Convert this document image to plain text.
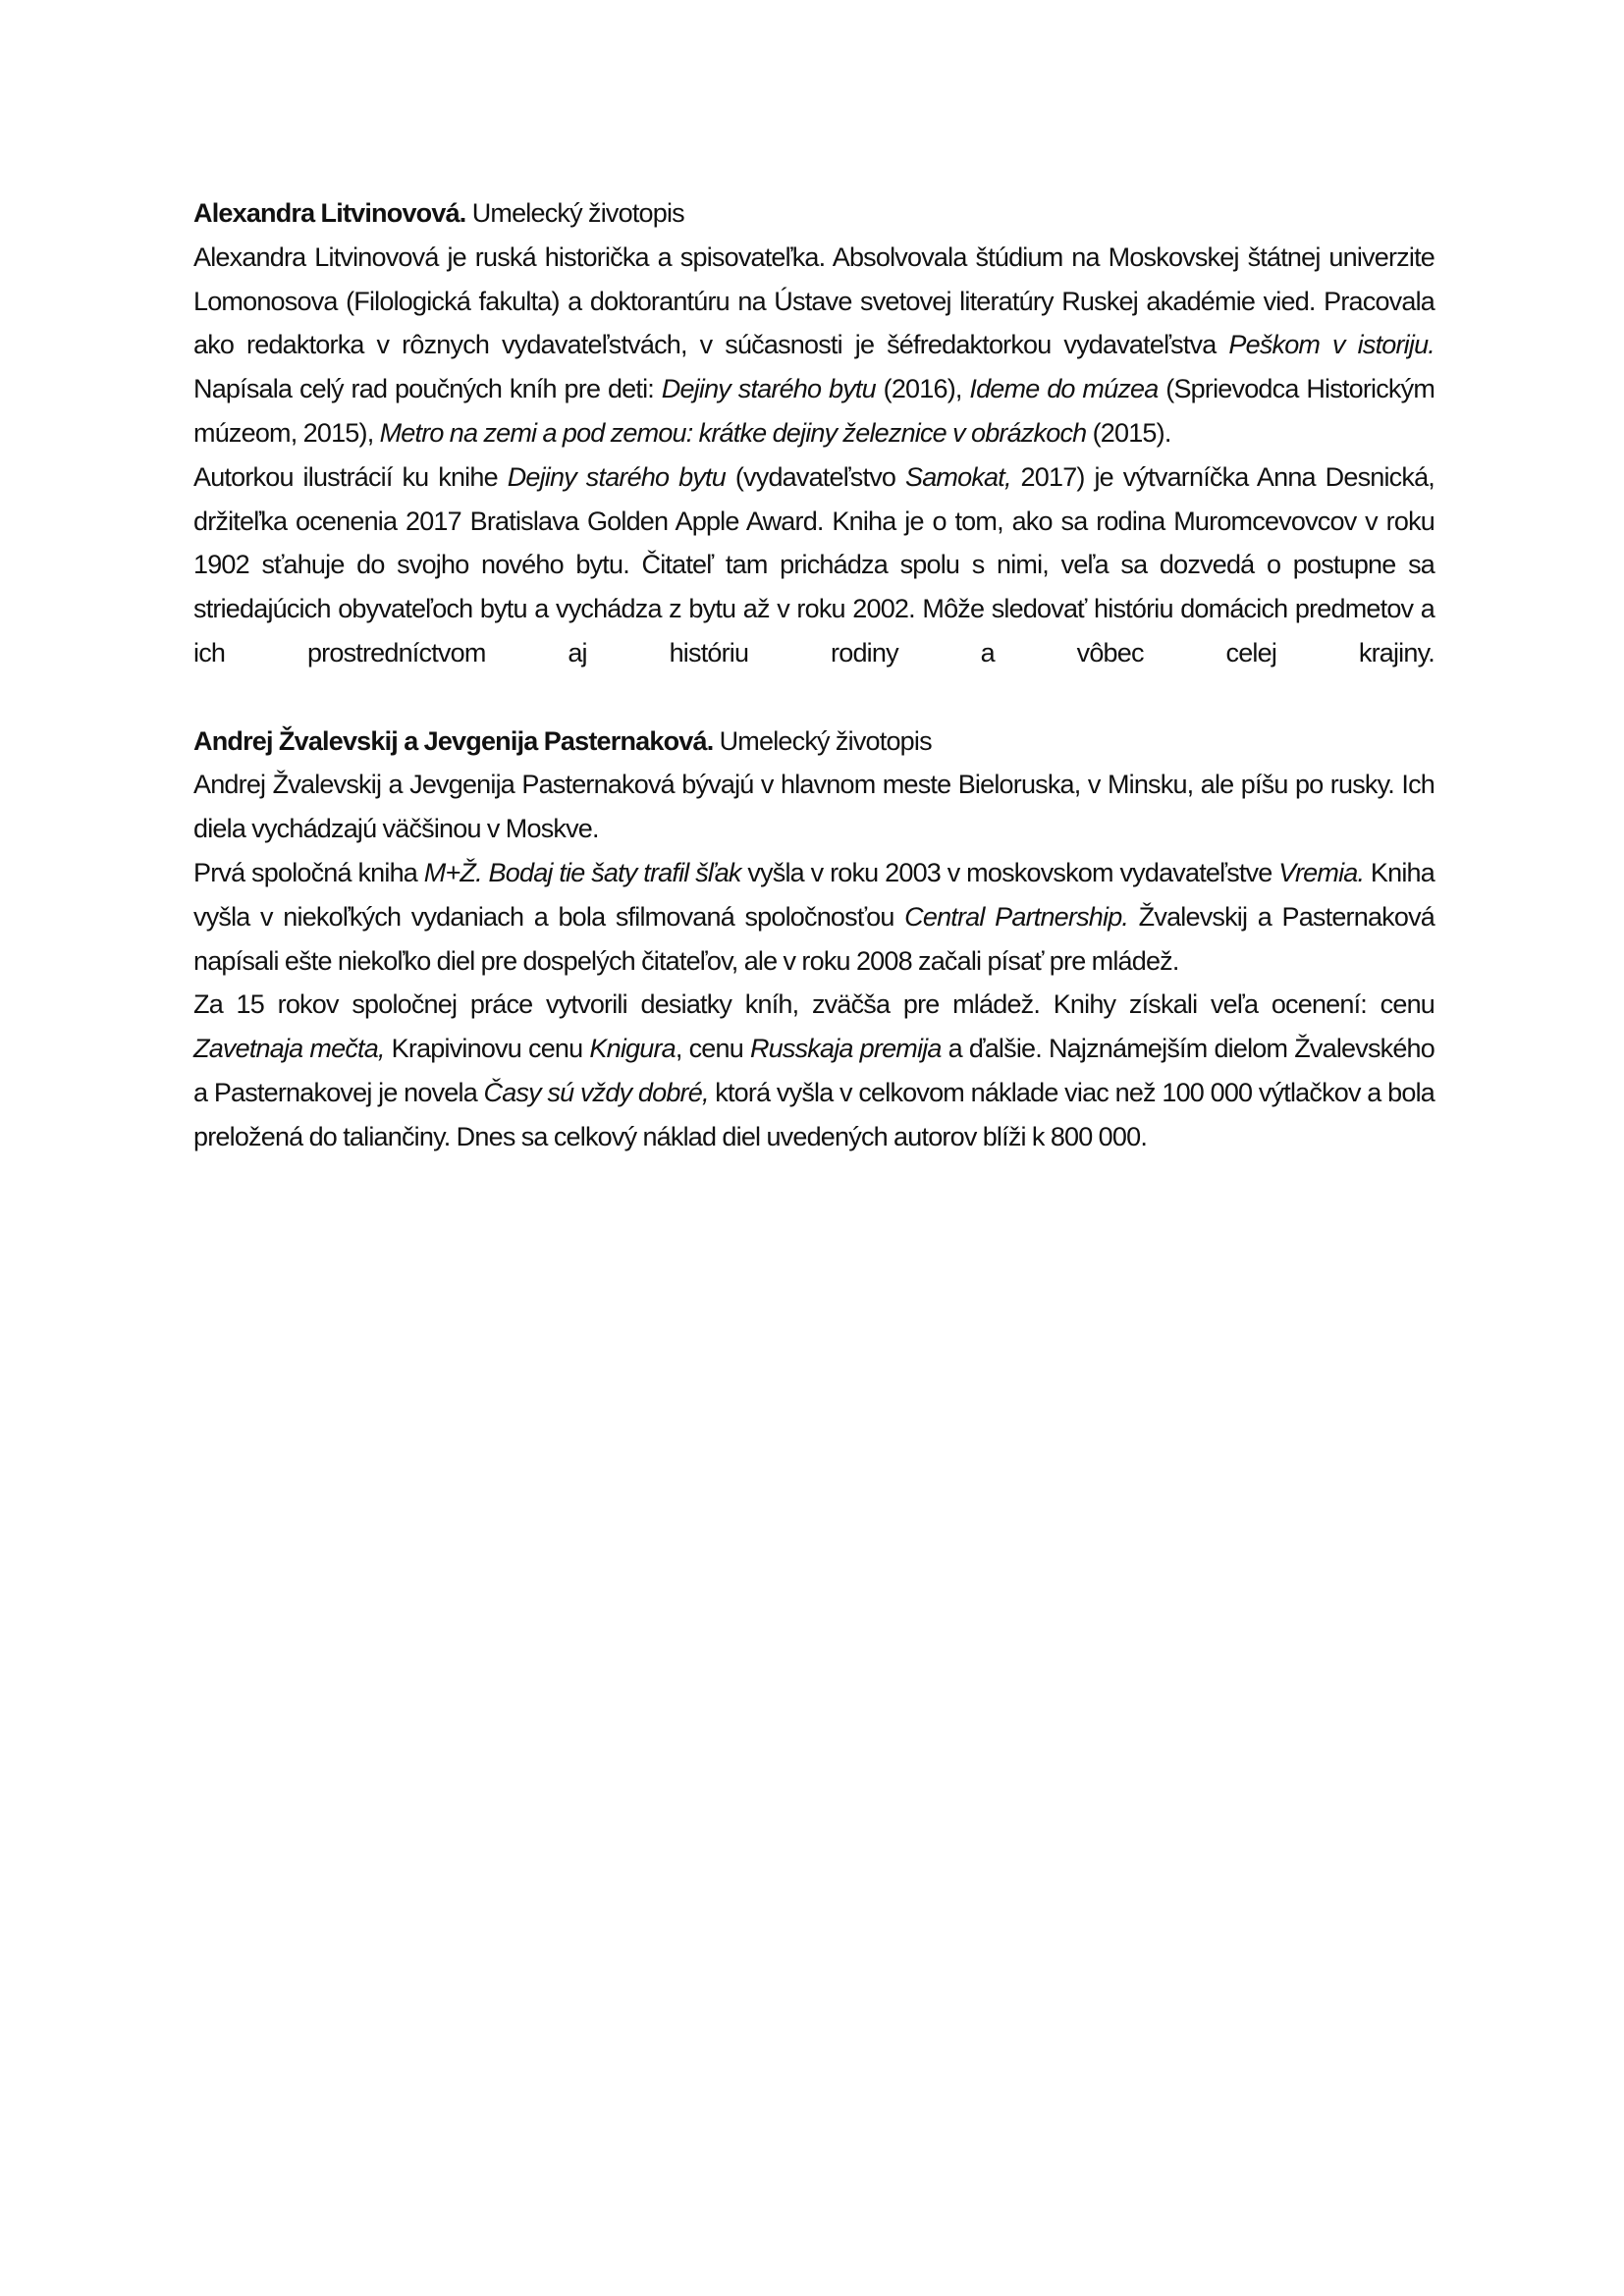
Alexandra Litvinovová. Umelecký životopis

Alexandra Litvinovová je ruská historička a spisovateľka. Absolvovala štúdium na Moskovskej štátnej univerzite Lomonosova (Filologická fakulta) a doktorantúru na Ústave svetovej literatúry Ruskej akadémie vied. Pracovala ako redaktorka v rôznych vydavateľstvách, v súčasnosti je šéfredaktorkou vydavateľstva Peškom v istoriju. Napísala celý rad poučných kníh pre deti: Dejiny starého bytu (2016), Ideme do múzea (Sprievodca Historickým múzeom, 2015), Metro na zemi a pod zemou: krátke dejiny železnice v obrázkoch (2015).

Autorkou ilustrácií ku knihe Dejiny starého bytu (vydavateľstvo Samokat, 2017) je výtvarníčka Anna Desnická, držiteľka ocenenia 2017 Bratislava Golden Apple Award. Kniha je o tom, ako sa rodina Muromcevovcov v roku 1902 sťahuje do svojho nového bytu. Čitateľ tam prichádza spolu s nimi, veľa sa dozvedá o postupne sa striedajúcich obyvateľoch bytu a vychádza z bytu až v roku 2002. Môže sledovať históriu domácich predmetov a ich prostredníctvom aj históriu rodiny a vôbec celej krajiny.

Andrej Žvalevskij a Jevgenija Pasternaková. Umelecký životopis

Andrej Žvalevskij a Jevgenija Pasternaková bývajú v hlavnom meste Bieloruska, v Minsku, ale píšu po rusky. Ich diela vychádzajú väčšinou v Moskve.

Prvá spoločná kniha M+Ž. Bodaj tie šaty trafil šľak vyšla v roku 2003 v moskovskom vydavateľstve Vremia. Kniha vyšla v niekoľkých vydaniach a bola sfilmovaná spoločnosťou Central Partnership. Žvalevskij a Pasternaková napísali ešte niekoľko diel pre dospelých čitateľov, ale v roku 2008 začali písať pre mládež.

Za 15 rokov spoločnej práce vytvorili desiatky kníh, zväčša pre mládež. Knihy získali veľa ocenení: cenu Zavetnaja mečta, Krapivinovu cenu Knigura, cenu Russkaja premija a ďalšie. Najznámejším dielom Žvalevského a Pasternakovej je novela Časy sú vždy dobré, ktorá vyšla v celkovom náklade viac než 100 000 výtlačkov a bola preložená do taliančiny. Dnes sa celkový náklad diel uvedených autorov blíži k 800 000.
